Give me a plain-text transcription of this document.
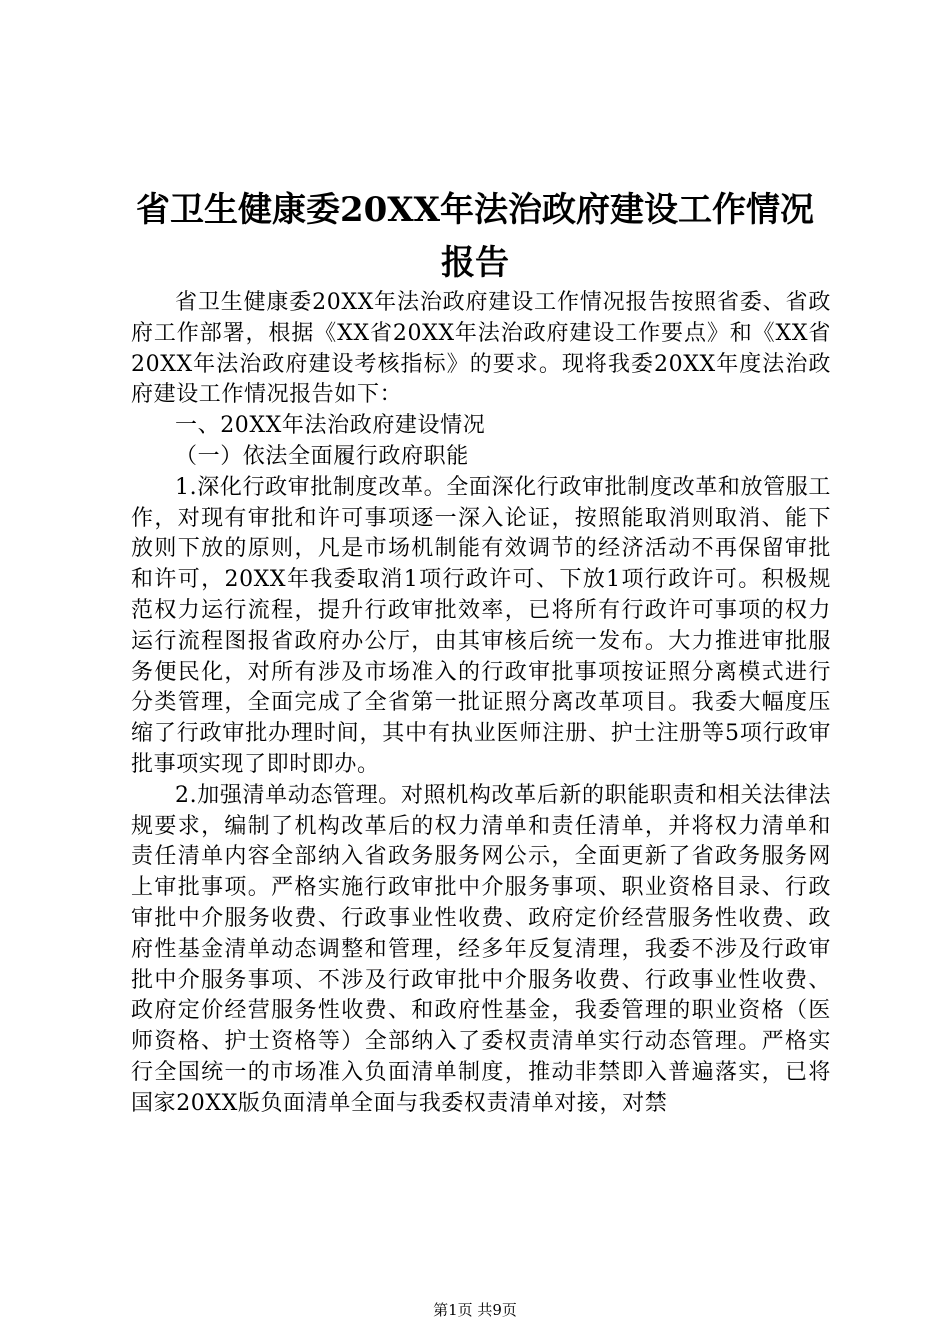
省卫生健康委20XX年法治政府建设工作情况
报告

省卫生健康委20XX年法治政府建设工作情况报告按照省委、省政府工作部署，根据《XX省20XX年法治政府建设工作要点》和《XX省20XX年法治政府建设考核指标》的要求。现将我委20XX年度法治政府建设工作情况报告如下：

一、20XX年法治政府建设情况

（一）依法全面履行政府职能

1.深化行政审批制度改革。全面深化行政审批制度改革和放管服工作，对现有审批和许可事项逐一深入论证，按照能取消则取消、能下放则下放的原则，凡是市场机制能有效调节的经济活动不再保留审批和许可，20XX年我委取消1项行政许可、下放1项行政许可。积极规范权力运行流程，提升行政审批效率，已将所有行政许可事项的权力运行流程图报省政府办公厅，由其审核后统一发布。大力推进审批服务便民化，对所有涉及市场准入的行政审批事项按证照分离模式进行分类管理，全面完成了全省第一批证照分离改革项目。我委大幅度压缩了行政审批办理时间，其中有执业医师注册、护士注册等5项行政审批事项实现了即时即办。

2.加强清单动态管理。对照机构改革后新的职能职责和相关法律法规要求，编制了机构改革后的权力清单和责任清单，并将权力清单和责任清单内容全部纳入省政务服务网公示，全面更新了省政务服务网上审批事项。严格实施行政审批中介服务事项、职业资格目录、行政审批中介服务收费、行政事业性收费、政府定价经营服务性收费、政府性基金清单动态调整和管理，经多年反复清理，我委不涉及行政审批中介服务事项、不涉及行政审批中介服务收费、行政事业性收费、政府定价经营服务性收费、和政府性基金，我委管理的职业资格（医师资格、护士资格等）全部纳入了委权责清单实行动态管理。严格实行全国统一的市场准入负面清单制度，推动非禁即入普遍落实，已将国家20XX版负面清单全面与我委权责清单对接，对禁

第1页 共9页
